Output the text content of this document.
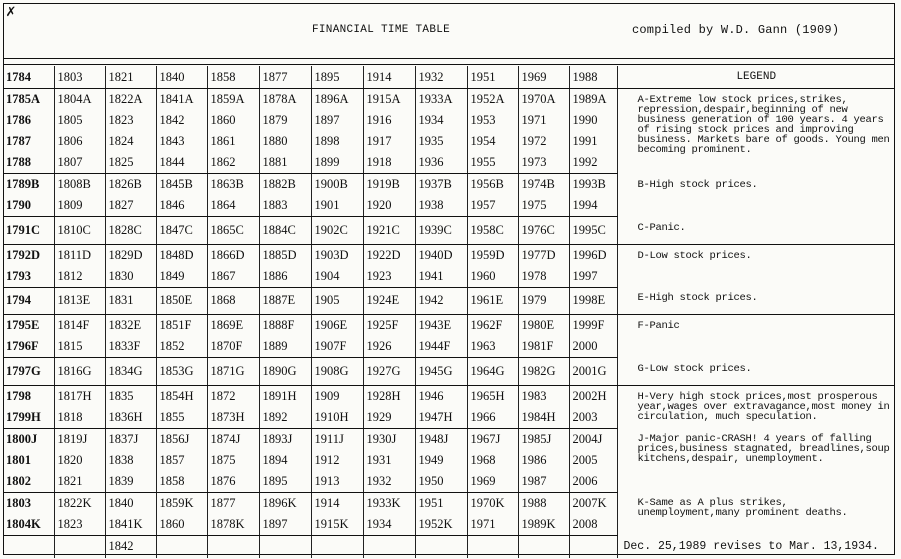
✗
FINANCIAL TIME TABLE	compiled by W.D. Gann (1909)
1784	1803	1821	1840	1858	1877	1895	1914	1932	1951	1969	1988	LEGEND
1785A	1804A	1822A	1841A	1859A	1878A	1896A	1915A	1933A	1952A	1970A	1989A	A-Extreme low stock prices,strikes, repression,despair,beginning of new business generation of 100 years. 4 years of rising stock prices and improving business. Markets bare of goods. Young men becoming prominent.
1786	1805	1823	1842	1860	1879	1897	1916	1934	1953	1971	1990	
1787	1806	1824	1843	1861	1880	1898	1917	1935	1954	1972	1991	
1788	1807	1825	1844	1862	1881	1899	1918	1936	1955	1973	1992	
1789B	1808B	1826B	1845B	1863B	1882B	1900B	1919B	1937B	1956B	1974B	1993B	B-High stock prices.
1790	1809	1827	1846	1864	1883	1901	1920	1938	1957	1975	1994	
1791C	1810C	1828C	1847C	1865C	1884C	1902C	1921C	1939C	1958C	1976C	1995C	C-Panic.
1792D	1811D	1829D	1848D	1866D	1885D	1903D	1922D	1940D	1959D	1977D	1996D	D-Low stock prices.
1793	1812	1830	1849	1867	1886	1904	1923	1941	1960	1978	1997	
1794	1813E	1831	1850E	1868	1887E	1905	1924E	1942	1961E	1979	1998E	E-High stock prices.
1795E	1814F	1832E	1851F	1869E	1888F	1906E	1925F	1943E	1962F	1980E	1999F	F-Panic
1796F	1815	1833F	1852	1870F	1889	1907F	1926	1944F	1963	1981F	2000	
1797G	1816G	1834G	1853G	1871G	1890G	1908G	1927G	1945G	1964G	1982G	2001G	G-Low stock prices.
1798	1817H	1835	1854H	1872	1891H	1909	1928H	1946	1965H	1983	2002H	H-Very high stock prices,most prosperous year,wages over extravagance,most money in circulation, much speculation.
1799H	1818	1836H	1855	1873H	1892	1910H	1929	1947H	1966	1984H	2003	
1800J	1819J	1837J	1856J	1874J	1893J	1911J	1930J	1948J	1967J	1985J	2004J	J-Major panic-CRASH! 4 years of falling prices,business stagnated, breadlines,soup kitchens,despair, unemployment.
1801	1820	1838	1857	1875	1894	1912	1931	1949	1968	1986	2005	
1802	1821	1839	1858	1876	1895	1913	1932	1950	1969	1987	2006	
1803	1822K	1840	1859K	1877	1896K	1914	1933K	1951	1970K	1988	2007K	K-Same as A plus strikes, unemployment,many prominent deaths.
1804K	1823	1841K	1860	1878K	1897	1915K	1934	1952K	1971	1989K	2008	
		1842										Dec. 25,1989 revises to Mar. 13,1934.
